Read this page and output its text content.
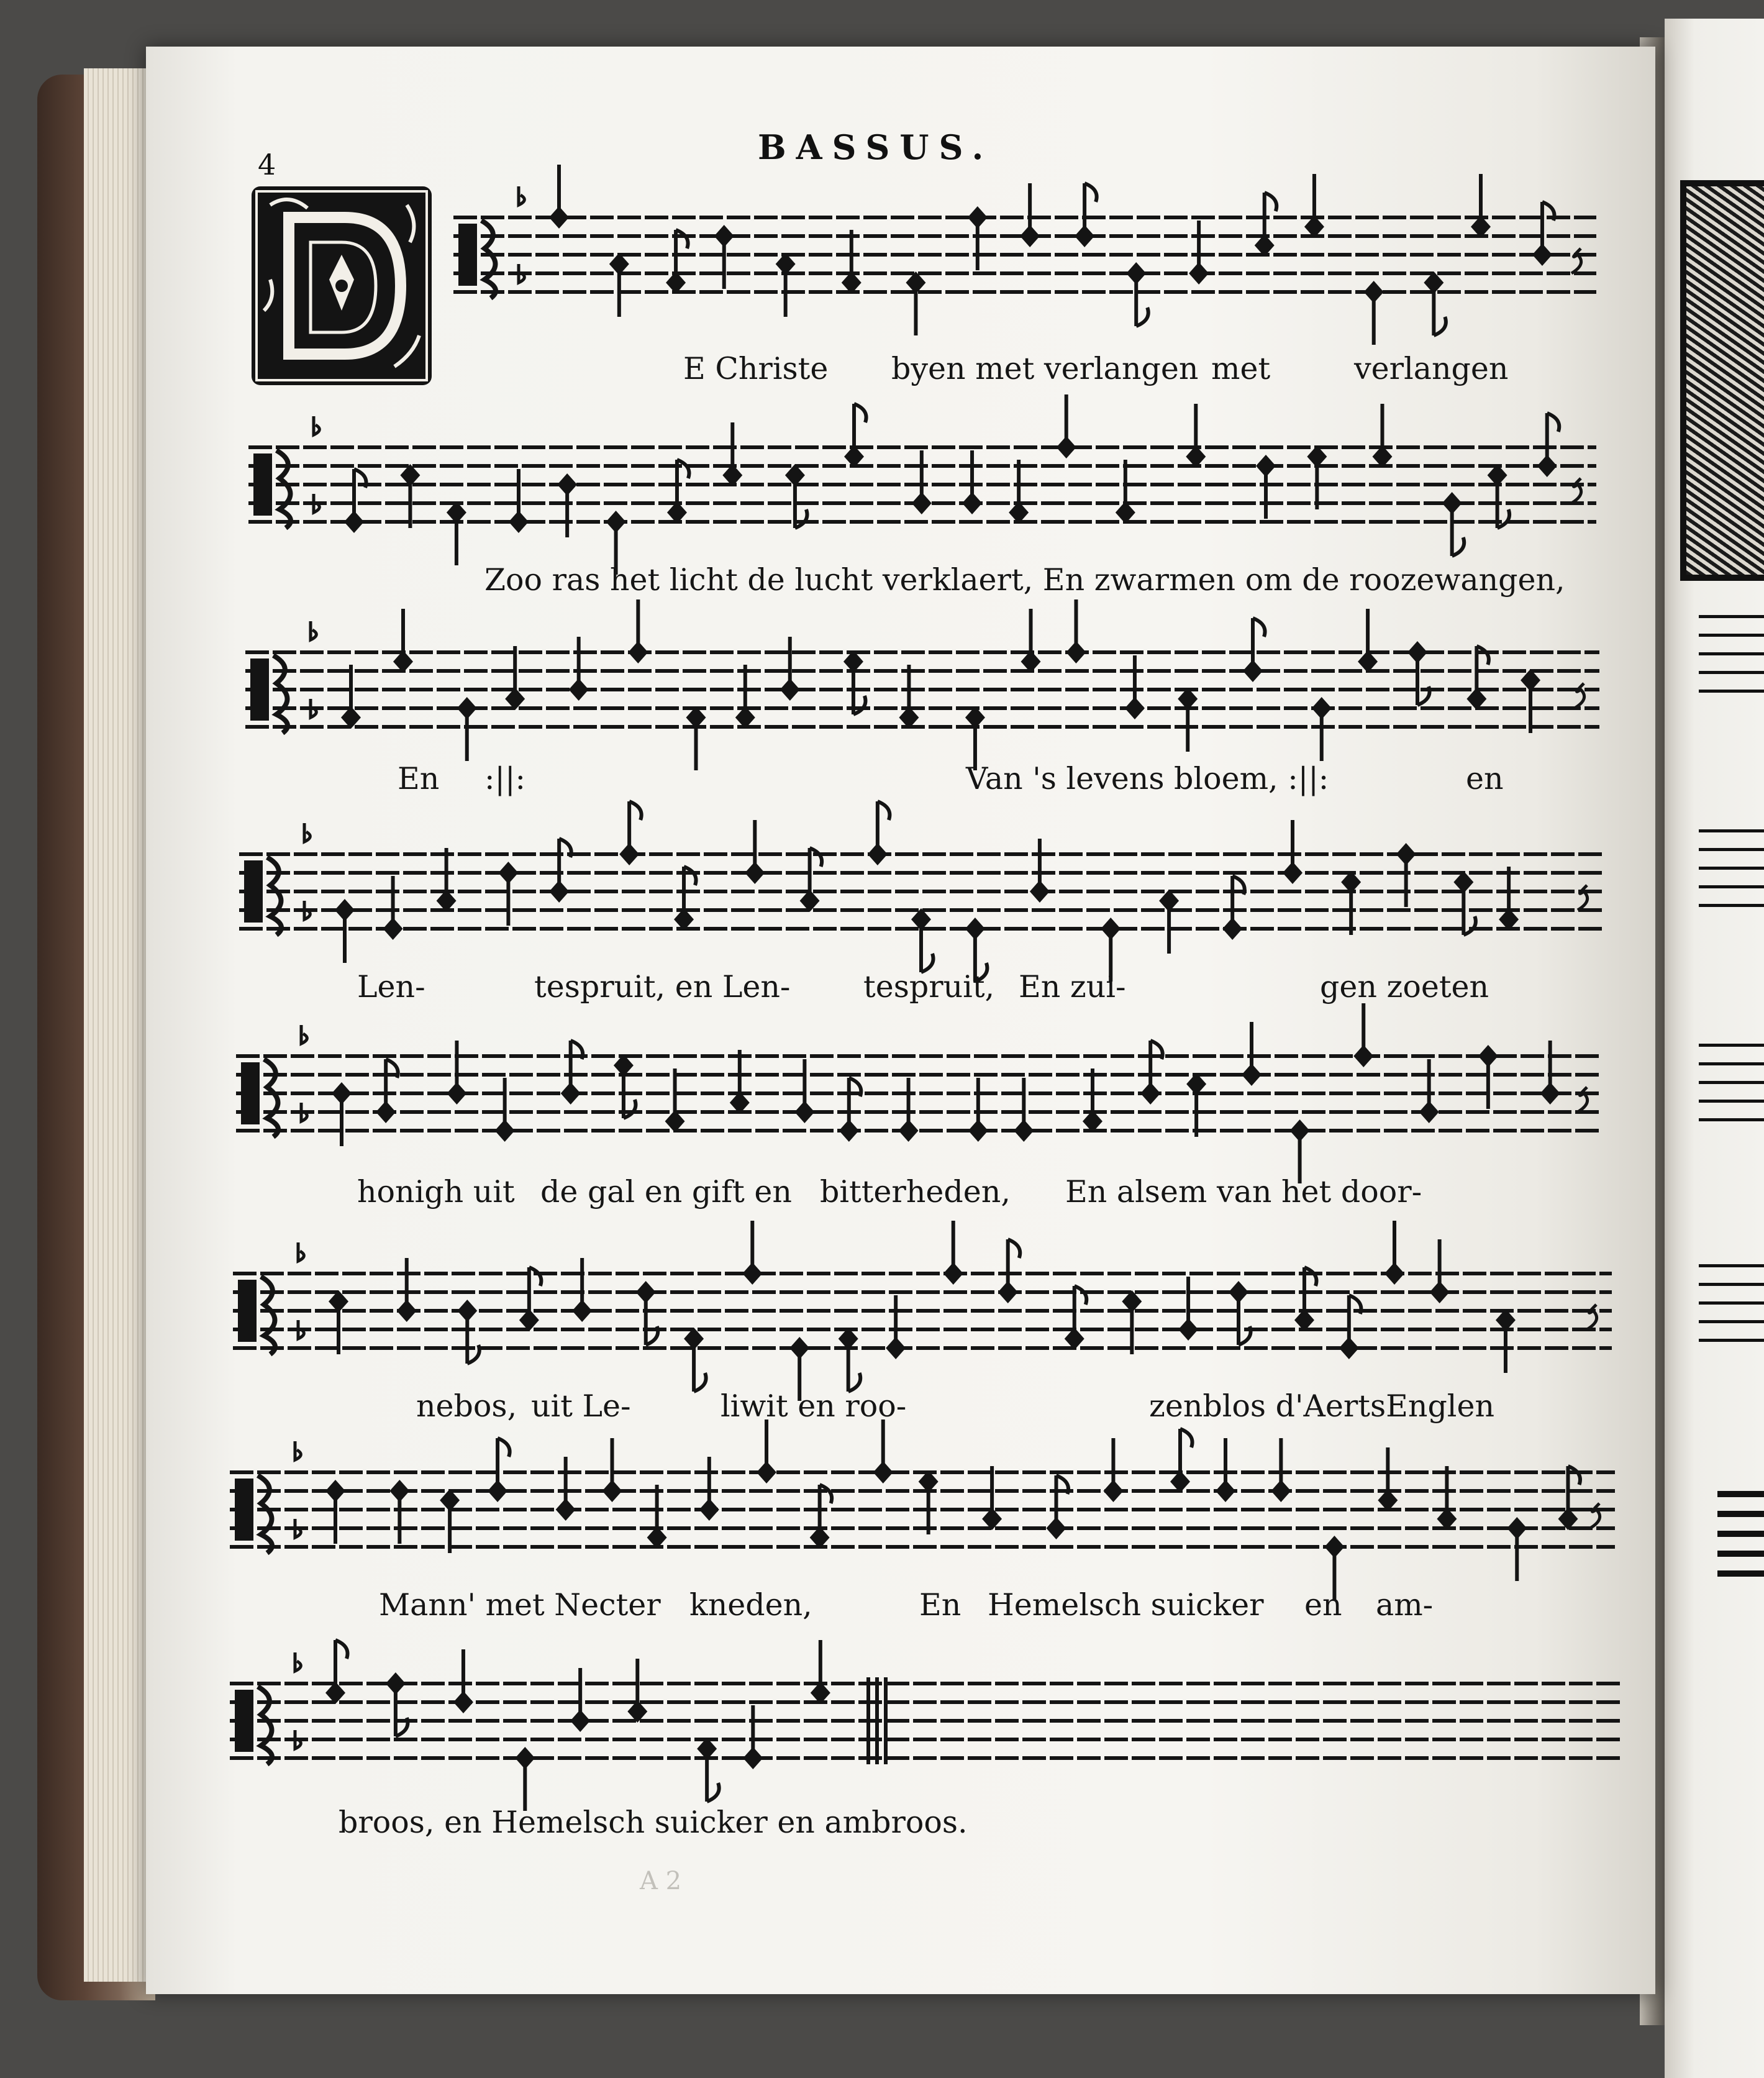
4	BASSUS.
E Christe byen met verlangen met	verlangen
Zoo ras het licht de lucht verklaert, En zwarmen om de roozewangen,
En :||:	Van 's levens bloem, :||:	en
Len-	tespruit, en Len- tespruit, En zui-	gen zoeten
honigh uit de gal en gift en bitterheden, En alsem van het door-
nebos, uit Le-	liwit en roo-	zenblos d'AertsEnglen
Mann' met Necter kneden,	En Hemelsch suicker en am-
broos, en Hemelsch suicker en ambroos.
A 2
